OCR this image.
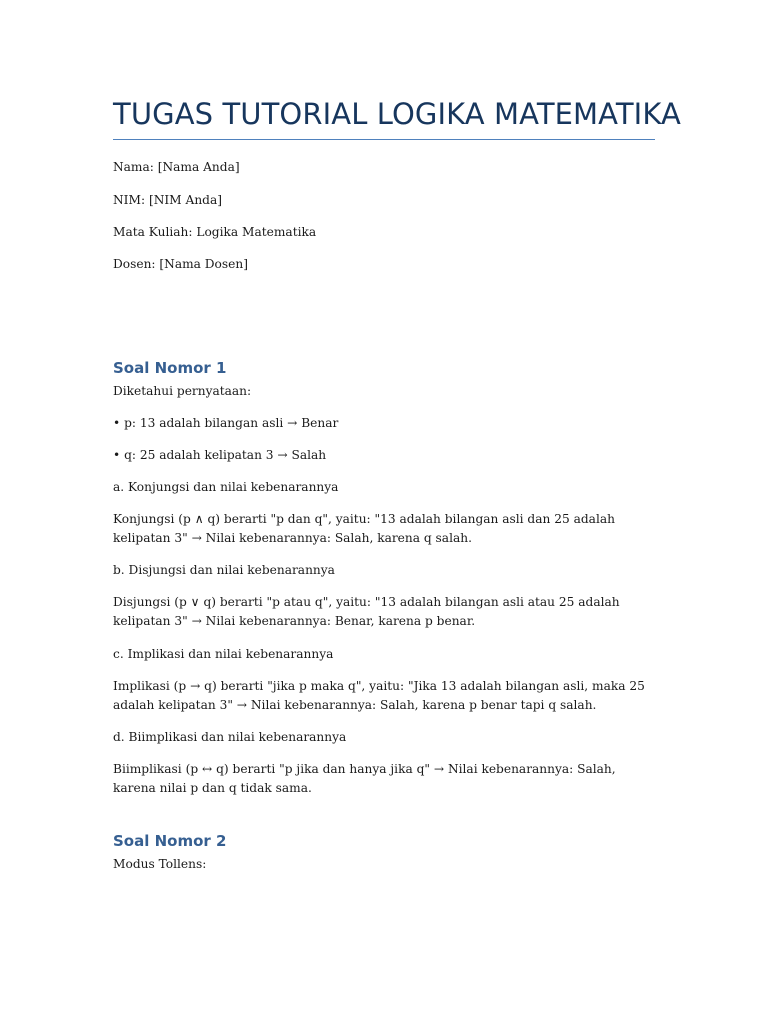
TUGAS TUTORIAL LOGIKA MATEMATIKA

Nama: [Nama Anda]

NIM: [NIM Anda]

Mata Kuliah: Logika Matematika

Dosen: [Nama Dosen]

Soal Nomor 1

Diketahui pernyataan:

• p: 13 adalah bilangan asli → Benar

• q: 25 adalah kelipatan 3 → Salah

a. Konjungsi dan nilai kebenarannya

Konjungsi (p ∧ q) berarti "p dan q", yaitu: "13 adalah bilangan asli dan 25 adalah kelipatan 3" → Nilai kebenarannya: Salah, karena q salah.

b. Disjungsi dan nilai kebenarannya

Disjungsi (p ∨ q) berarti "p atau q", yaitu: "13 adalah bilangan asli atau 25 adalah kelipatan 3" → Nilai kebenarannya: Benar, karena p benar.

c. Implikasi dan nilai kebenarannya

Implikasi (p → q) berarti "jika p maka q", yaitu: "Jika 13 adalah bilangan asli, maka 25 adalah kelipatan 3" → Nilai kebenarannya: Salah, karena p benar tapi q salah.

d. Biimplikasi dan nilai kebenarannya

Biimplikasi (p ↔ q) berarti "p jika dan hanya jika q" → Nilai kebenarannya: Salah, karena nilai p dan q tidak sama.

Soal Nomor 2

Modus Tollens:
